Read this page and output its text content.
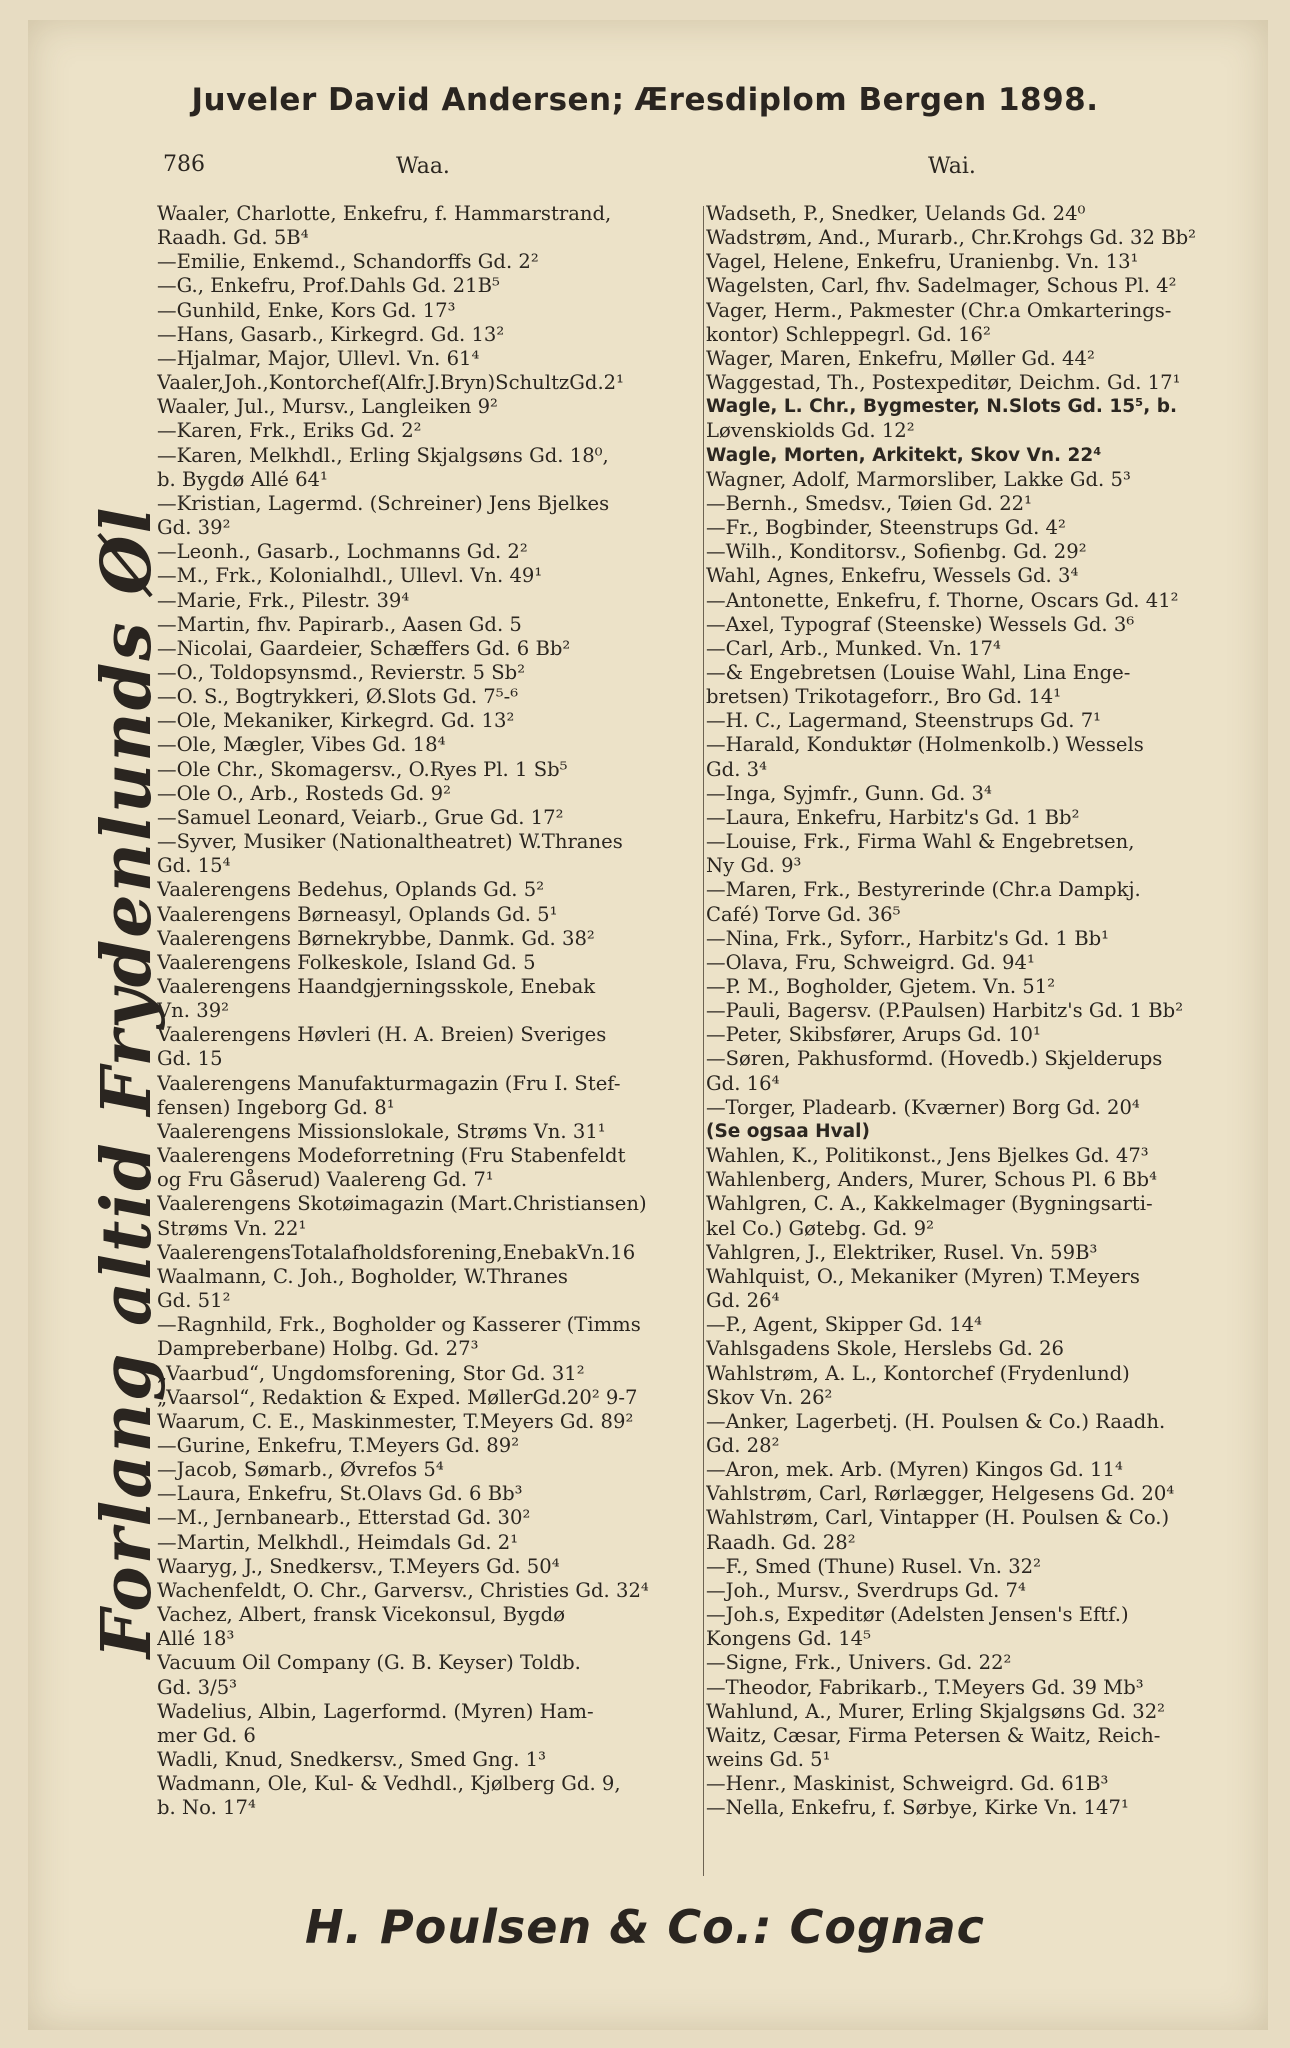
Juveler David Andersen; Æresdiplom Bergen 1898.
786	Waa.	Wai.
Forlang altid Frydenlunds Øl
Waaler, Charlotte, Enkefru, f. Hammarstrand,
Raadh. Gd. 5B⁴
—Emilie, Enkemd., Schandorffs Gd. 2²
—G., Enkefru, Prof.Dahls Gd. 21B⁵
—Gunhild, Enke, Kors Gd. 17³
—Hans, Gasarb., Kirkegrd. Gd. 13²
—Hjalmar, Major, Ullevl. Vn. 61⁴
Vaaler,Joh.,Kontorchef(Alfr.J.Bryn)SchultzGd.2¹
Waaler, Jul., Mursv., Langleiken 9²
—Karen, Frk., Eriks Gd. 2²
—Karen, Melkhdl., Erling Skjalgsøns Gd. 18⁰,
b. Bygdø Allé 64¹
—Kristian, Lagermd. (Schreiner) Jens Bjelkes
Gd. 39²
—Leonh., Gasarb., Lochmanns Gd. 2²
—M., Frk., Kolonialhdl., Ullevl. Vn. 49¹
—Marie, Frk., Pilestr. 39⁴
—Martin, fhv. Papirarb., Aasen Gd. 5
—Nicolai, Gaardeier, Schæffers Gd. 6 Bb²
—O., Toldopsynsmd., Revierstr. 5 Sb²
—O. S., Bogtrykkeri, Ø.Slots Gd. 7⁵‑⁶
—Ole, Mekaniker, Kirkegrd. Gd. 13²
—Ole, Mægler, Vibes Gd. 18⁴
—Ole Chr., Skomagersv., O.Ryes Pl. 1 Sb⁵
—Ole O., Arb., Rosteds Gd. 9²
—Samuel Leonard, Veiarb., Grue Gd. 17²
—Syver, Musiker (Nationaltheatret) W.Thranes
Gd. 15⁴
Vaalerengens Bedehus, Oplands Gd. 5²
Vaalerengens Børneasyl, Oplands Gd. 5¹
Vaalerengens Børnekrybbe, Danmk. Gd. 38²
Vaalerengens Folkeskole, Island Gd. 5
Vaalerengens Haandgjerningsskole, Enebak
Vn. 39²
Vaalerengens Høvleri (H. A. Breien) Sveriges
Gd. 15
Vaalerengens Manufakturmagazin (Fru I. Stef-
fensen) Ingeborg Gd. 8¹
Vaalerengens Missionslokale, Strøms Vn. 31¹
Vaalerengens Modeforretning (Fru Stabenfeldt
og Fru Gåserud) Vaalereng Gd. 7¹
Vaalerengens Skotøimagazin (Mart.Christiansen)
Strøms Vn. 22¹
VaalerengensTotalafholdsforening,EnebakVn.16
Waalmann, C. Joh., Bogholder, W.Thranes
Gd. 51²
—Ragnhild, Frk., Bogholder og Kasserer (Timms
Dampreberbane) Holbg. Gd. 27³
„Vaarbud“, Ungdomsforening, Stor Gd. 31²
„Vaarsol“, Redaktion & Exped. MøllerGd.20² 9-7
Waarum, C. E., Maskinmester, T.Meyers Gd. 89²
—Gurine, Enkefru, T.Meyers Gd. 89²
—Jacob, Sømarb., Øvrefos 5⁴
—Laura, Enkefru, St.Olavs Gd. 6 Bb³
—M., Jernbanearb., Etterstad Gd. 30²
—Martin, Melkhdl., Heimdals Gd. 2¹
Waaryg, J., Snedkersv., T.Meyers Gd. 50⁴
Wachenfeldt, O. Chr., Garversv., Christies Gd. 32⁴
Vachez, Albert, fransk Vicekonsul, Bygdø
Allé 18³
Vacuum Oil Company (G. B. Keyser) Toldb.
Gd. 3/5³
Wadelius, Albin, Lagerformd. (Myren) Ham-
mer Gd. 6
Wadli, Knud, Snedkersv., Smed Gng. 1³
Wadmann, Ole, Kul- & Vedhdl., Kjølberg Gd. 9,
b. No. 17⁴
Wadseth, P., Snedker, Uelands Gd. 24⁰
Wadstrøm, And., Murarb., Chr.Krohgs Gd. 32 Bb²
Vagel, Helene, Enkefru, Uranienbg. Vn. 13¹
Wagelsten, Carl, fhv. Sadelmager, Schous Pl. 4²
Vager, Herm., Pakmester (Chr.a Omkarterings-
kontor) Schleppegrl. Gd. 16²
Wager, Maren, Enkefru, Møller Gd. 44²
Waggestad, Th., Postexpeditør, Deichm. Gd. 17¹
Wagle, L. Chr., Bygmester, N.Slots Gd. 15⁵, b.
Løvenskiolds Gd. 12²
Wagle, Morten, Arkitekt, Skov Vn. 22⁴
Wagner, Adolf, Marmorsliber, Lakke Gd. 5³
—Bernh., Smedsv., Tøien Gd. 22¹
—Fr., Bogbinder, Steenstrups Gd. 4²
—Wilh., Konditorsv., Sofienbg. Gd. 29²
Wahl, Agnes, Enkefru, Wessels Gd. 3⁴
—Antonette, Enkefru, f. Thorne, Oscars Gd. 41²
—Axel, Typograf (Steenske) Wessels Gd. 3⁶
—Carl, Arb., Munked. Vn. 17⁴
—& Engebretsen (Louise Wahl, Lina Enge-
bretsen) Trikotageforr., Bro Gd. 14¹
—H. C., Lagermand, Steenstrups Gd. 7¹
—Harald, Konduktør (Holmenkolb.) Wessels
Gd. 3⁴
—Inga, Syjmfr., Gunn. Gd. 3⁴
—Laura, Enkefru, Harbitz's Gd. 1 Bb²
—Louise, Frk., Firma Wahl & Engebretsen,
Ny Gd. 9³
—Maren, Frk., Bestyrerinde (Chr.a Dampkj.
Café) Torve Gd. 36⁵
—Nina, Frk., Syforr., Harbitz's Gd. 1 Bb¹
—Olava, Fru, Schweigrd. Gd. 94¹
—P. M., Bogholder, Gjetem. Vn. 51²
—Pauli, Bagersv. (P.Paulsen) Harbitz's Gd. 1 Bb²
—Peter, Skibsfører, Arups Gd. 10¹
—Søren, Pakhusformd. (Hovedb.) Skjelderups
Gd. 16⁴
—Torger, Pladearb. (Kværner) Borg Gd. 20⁴
(Se ogsaa Hval)
Wahlen, K., Politikonst., Jens Bjelkes Gd. 47³
Wahlenberg, Anders, Murer, Schous Pl. 6 Bb⁴
Wahlgren, C. A., Kakkelmager (Bygningsarti-
kel Co.) Gøtebg. Gd. 9²
Vahlgren, J., Elektriker, Rusel. Vn. 59B³
Wahlquist, O., Mekaniker (Myren) T.Meyers
Gd. 26⁴
—P., Agent, Skipper Gd. 14⁴
Vahlsgadens Skole, Herslebs Gd. 26
Wahlstrøm, A. L., Kontorchef (Frydenlund)
Skov Vn. 26²
—Anker, Lagerbetj. (H. Poulsen & Co.) Raadh.
Gd. 28²
—Aron, mek. Arb. (Myren) Kingos Gd. 11⁴
Vahlstrøm, Carl, Rørlægger, Helgesens Gd. 20⁴
Wahlstrøm, Carl, Vintapper (H. Poulsen & Co.)
Raadh. Gd. 28²
—F., Smed (Thune) Rusel. Vn. 32²
—Joh., Mursv., Sverdrups Gd. 7⁴
—Joh.s, Expeditør (Adelsten Jensen's Eftf.)
Kongens Gd. 14⁵
—Signe, Frk., Univers. Gd. 22²
—Theodor, Fabrikarb., T.Meyers Gd. 39 Mb³
Wahlund, A., Murer, Erling Skjalgsøns Gd. 32²
Waitz, Cæsar, Firma Petersen & Waitz, Reich-
weins Gd. 5¹
—Henr., Maskinist, Schweigrd. Gd. 61B³
—Nella, Enkefru, f. Sørbye, Kirke Vn. 147¹
H. Poulsen & Co.: Cognac
